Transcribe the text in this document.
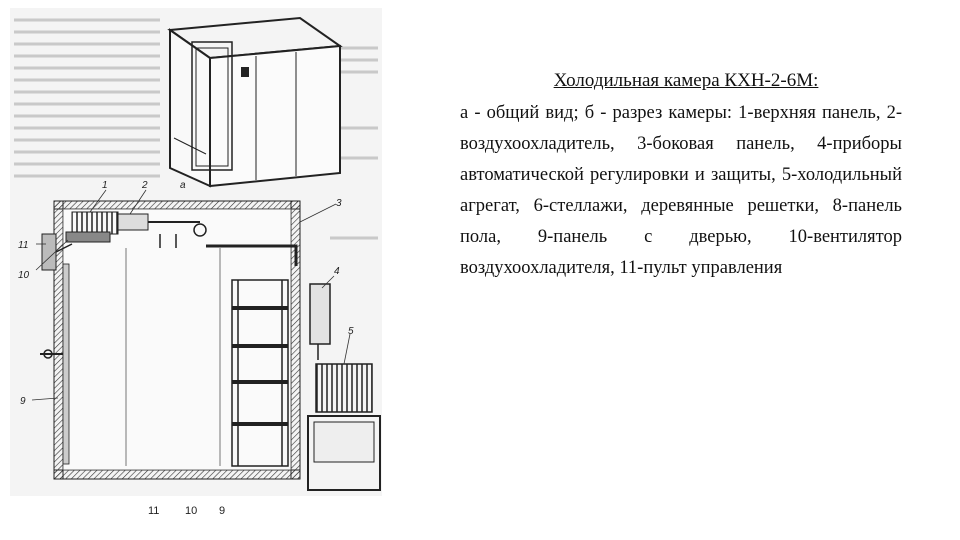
а
1	2
3
4
5
11
10
9
11 10 9
Холодильная камера КХН-2-6М:
а - общий вид; б - разрез камеры: 1-верхняя панель, 2-воздухоохладитель, 3-боковая панель, 4-приборы автоматической регулировки и защиты, 5-холодильный агрегат, 6-стеллажи, деревянные решетки, 8-панель пола, 9-панель с дверью, 10-вентилятор воздухоохладителя, 11-пульт управления
